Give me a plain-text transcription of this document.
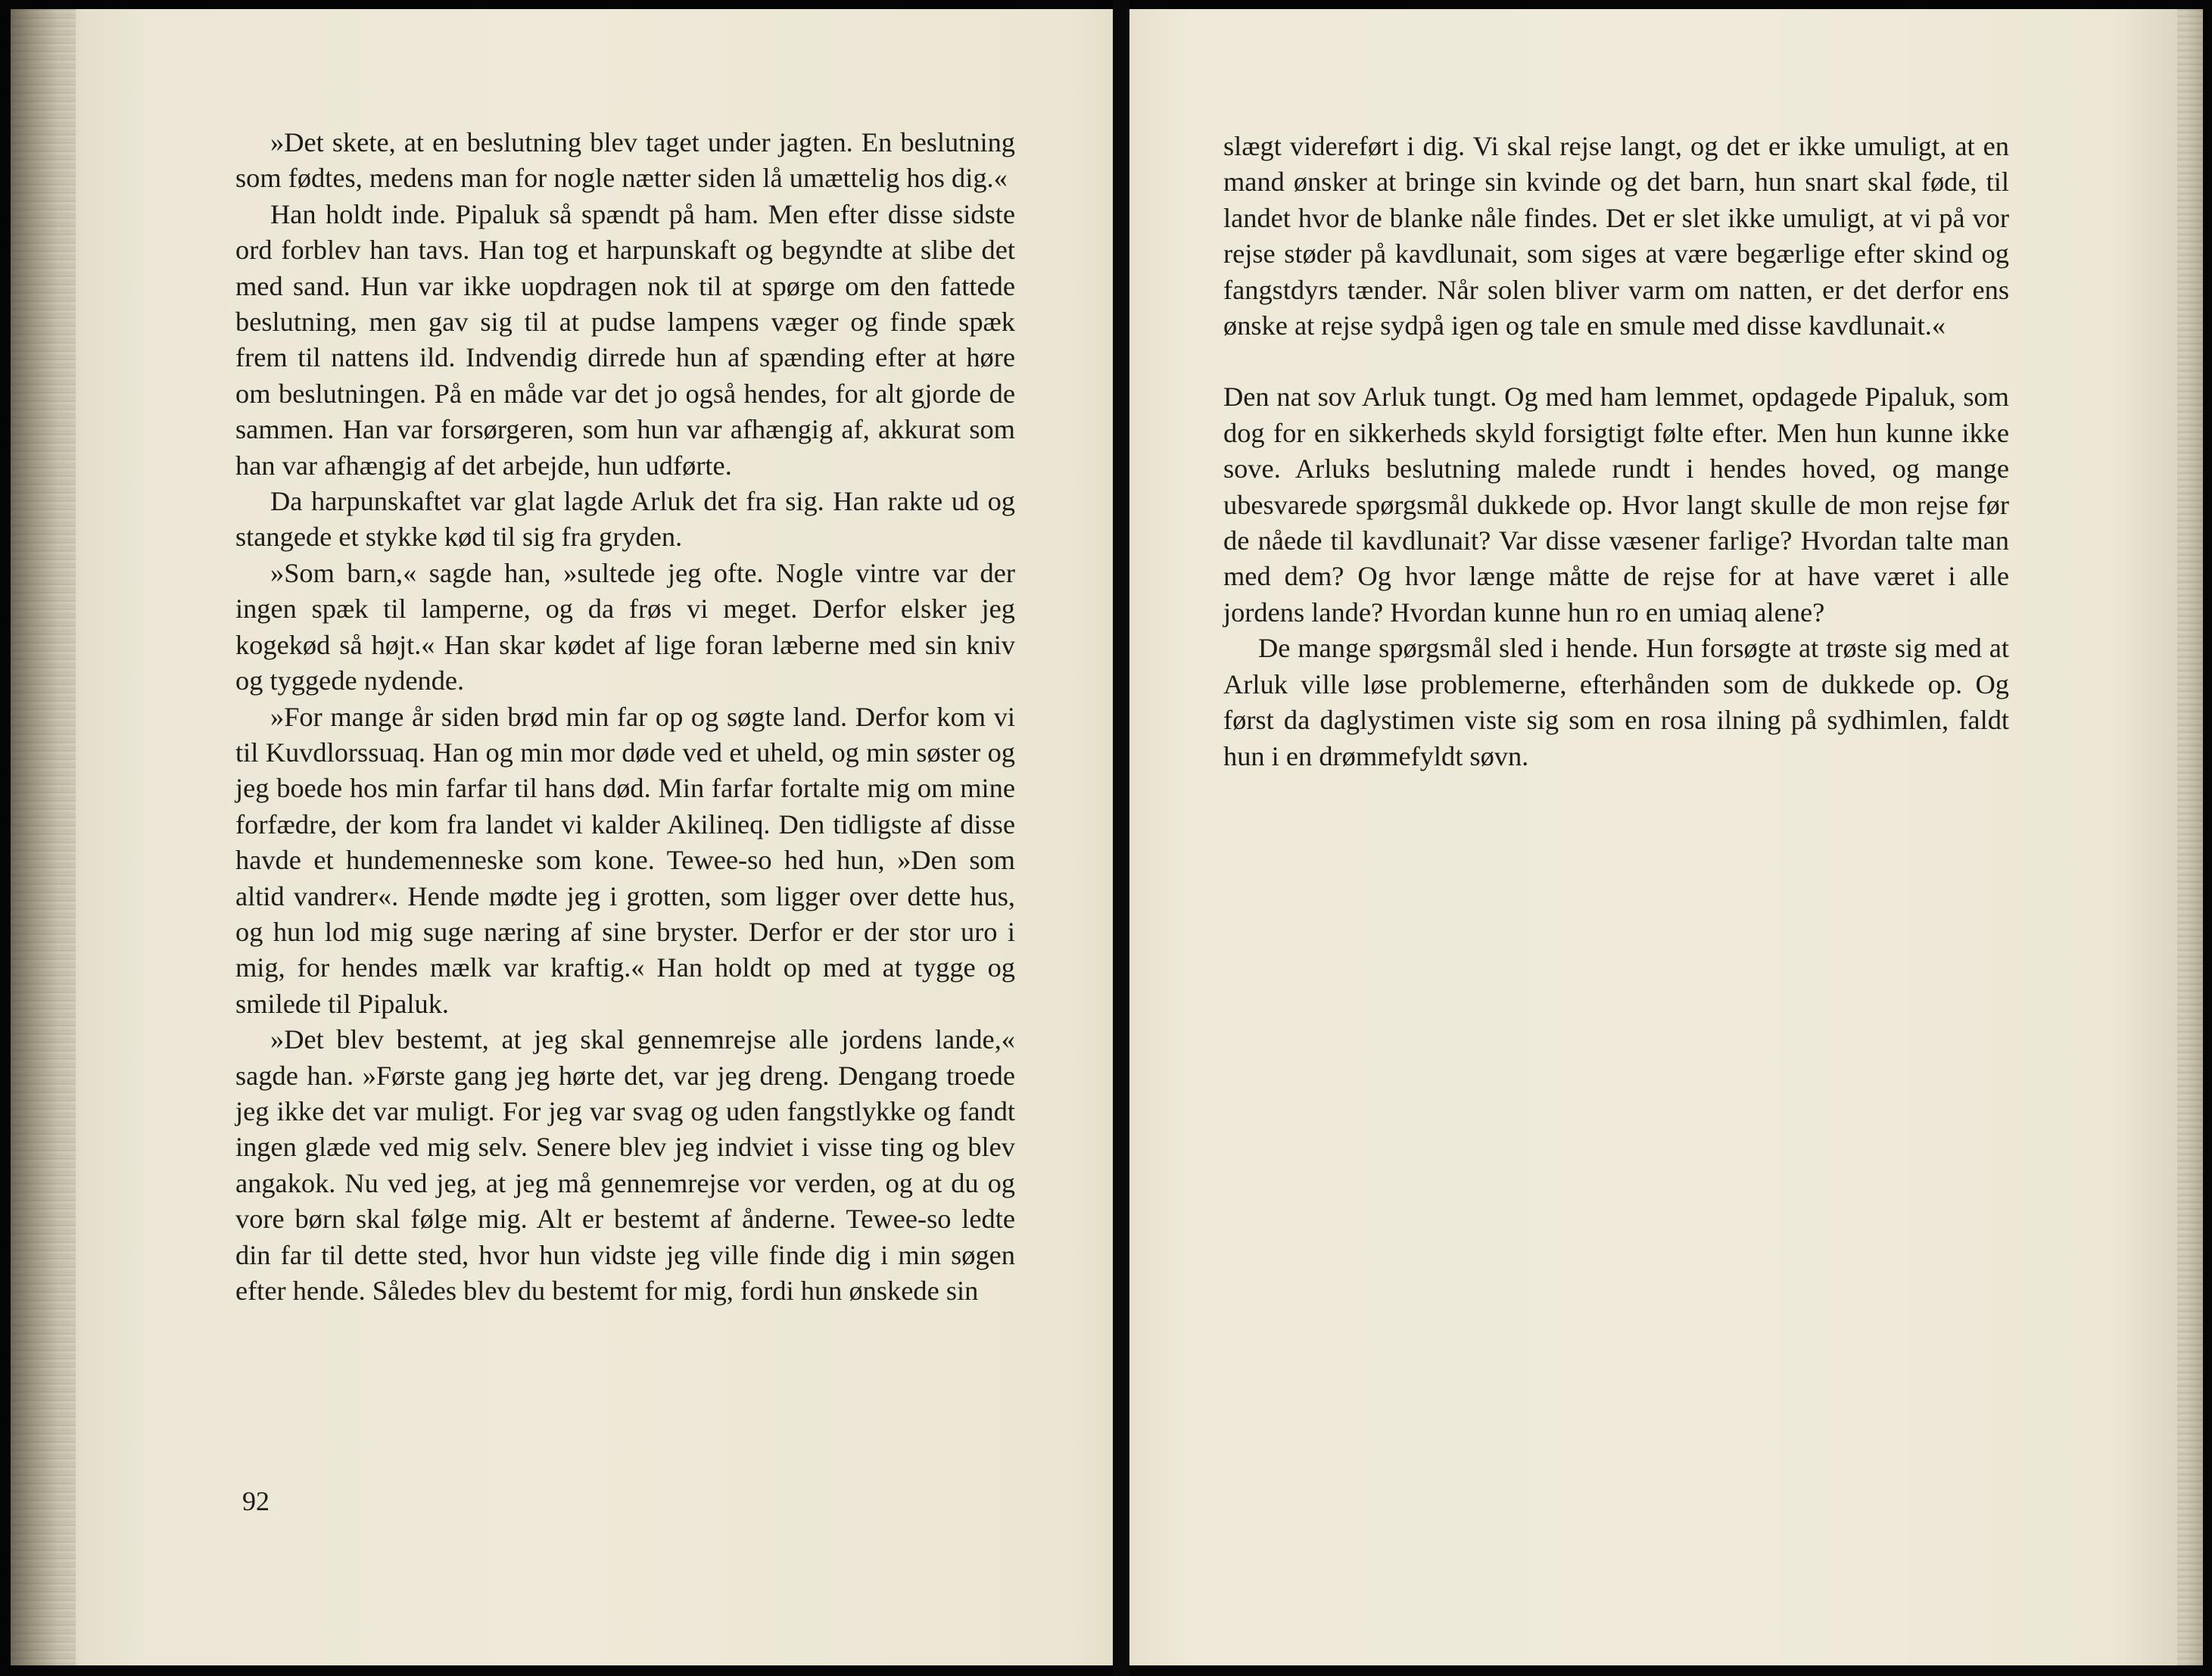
»Det skete, at en beslutning blev taget under jagten. En beslutning som fødtes, medens man for nogle nætter siden lå umættelig hos dig.«

Han holdt inde. Pipaluk så spændt på ham. Men efter disse sidste ord forblev han tavs. Han tog et harpunskaft og begyndte at slibe det med sand. Hun var ikke uopdragen nok til at spørge om den fattede beslutning, men gav sig til at pudse lampens væger og finde spæk frem til nattens ild. Indvendig dirrede hun af spænding efter at høre om beslutningen. På en måde var det jo også hendes, for alt gjorde de sammen. Han var forsørgeren, som hun var afhængig af, akkurat som han var afhængig af det arbejde, hun udførte.

Da harpunskaftet var glat lagde Arluk det fra sig. Han rakte ud og stangede et stykke kød til sig fra gryden.

»Som barn,« sagde han, »sultede jeg ofte. Nogle vintre var der ingen spæk til lamperne, og da frøs vi meget. Derfor elsker jeg kogekød så højt.« Han skar kødet af lige foran læberne med sin kniv og tyggede nydende.

»For mange år siden brød min far op og søgte land. Derfor kom vi til Kuvdlorssuaq. Han og min mor døde ved et uheld, og min søster og jeg boede hos min farfar til hans død. Min farfar fortalte mig om mine forfædre, der kom fra landet vi kalder Akilineq. Den tidligste af disse havde et hundemenneske som kone. Tewee-so hed hun, »Den som altid vandrer«. Hende mødte jeg i grotten, som ligger over dette hus, og hun lod mig suge næring af sine bryster. Derfor er der stor uro i mig, for hendes mælk var kraftig.« Han holdt op med at tygge og smilede til Pipaluk.

»Det blev bestemt, at jeg skal gennemrejse alle jordens lande,« sagde han. »Første gang jeg hørte det, var jeg dreng. Dengang troede jeg ikke det var muligt. For jeg var svag og uden fangstlykke og fandt ingen glæde ved mig selv. Senere blev jeg indviet i visse ting og blev angakok. Nu ved jeg, at jeg må gennemrejse vor verden, og at du og vore børn skal følge mig. Alt er bestemt af ånderne. Tewee-so ledte din far til dette sted, hvor hun vidste jeg ville finde dig i min søgen efter hende. Således blev du bestemt for mig, fordi hun ønskede sin

92

slægt videreført i dig. Vi skal rejse langt, og det er ikke umuligt, at en mand ønsker at bringe sin kvinde og det barn, hun snart skal føde, til landet hvor de blanke nåle findes. Det er slet ikke umuligt, at vi på vor rejse støder på kavdlunait, som siges at være begærlige efter skind og fangstdyrs tænder. Når solen bliver varm om natten, er det derfor ens ønske at rejse sydpå igen og tale en smule med disse kavdlunait.«

Den nat sov Arluk tungt. Og med ham lemmet, opdagede Pipaluk, som dog for en sikkerheds skyld forsigtigt følte efter. Men hun kunne ikke sove. Arluks beslutning malede rundt i hendes hoved, og mange ubesvarede spørgsmål dukkede op. Hvor langt skulle de mon rejse før de nåede til kavdlunait? Var disse væsener farlige? Hvordan talte man med dem? Og hvor længe måtte de rejse for at have været i alle jordens lande? Hvordan kunne hun ro en umiaq alene?

De mange spørgsmål sled i hende. Hun forsøgte at trøste sig med at Arluk ville løse problemerne, efterhånden som de dukkede op. Og først da daglystimen viste sig som en rosa ilning på sydhimlen, faldt hun i en drømmefyldt søvn.
